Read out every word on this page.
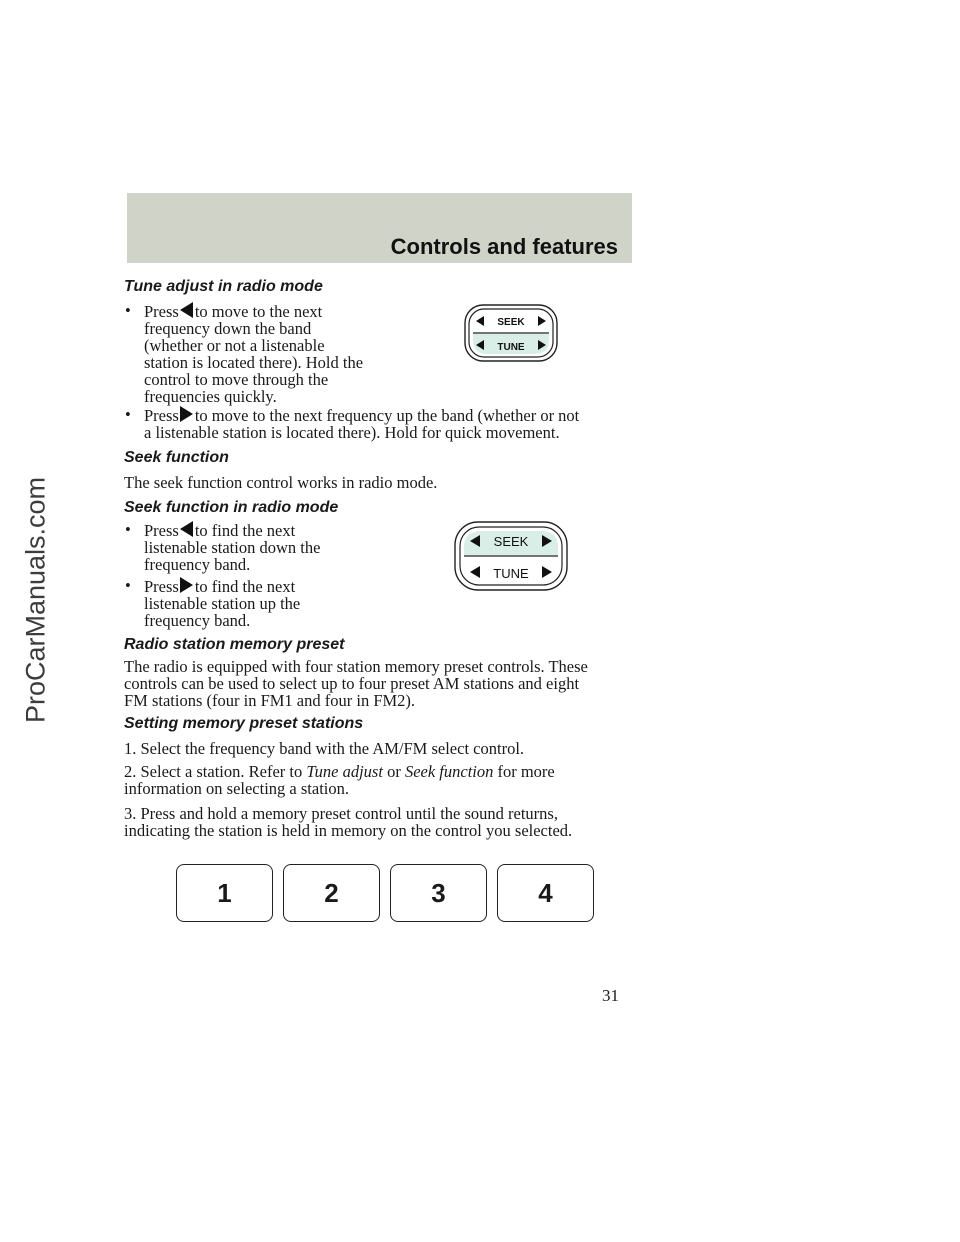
ProCarManuals.com
Controls and features
Tune adjust in radio mode
• Press to move to the next
frequency down the band
(whether or not a listenable
station is located there). Hold the
control to move through the
frequencies quickly.
• Press to move to the next frequency up the band (whether or not
a listenable station is located there). Hold for quick movement.
SEEK
TUNE
Seek function

The seek function control works in radio mode.

Seek function in radio mode
• Press to find the next
listenable station down the
frequency band.
• Press to find the next
listenable station up the
frequency band.
SEEK
TUNE
Radio station memory preset
The radio is equipped with four station memory preset controls. These
controls can be used to select up to four preset AM stations and eight
FM stations (four in FM1 and four in FM2).
Setting memory preset stations

1. Select the frequency band with the AM/FM select control.

2. Select a station. Refer to Tune adjust or Seek function for more
information on selecting a station.
3. Press and hold a memory preset control until the sound returns,
indicating the station is held in memory on the control you selected.
1	2	3	4
31
